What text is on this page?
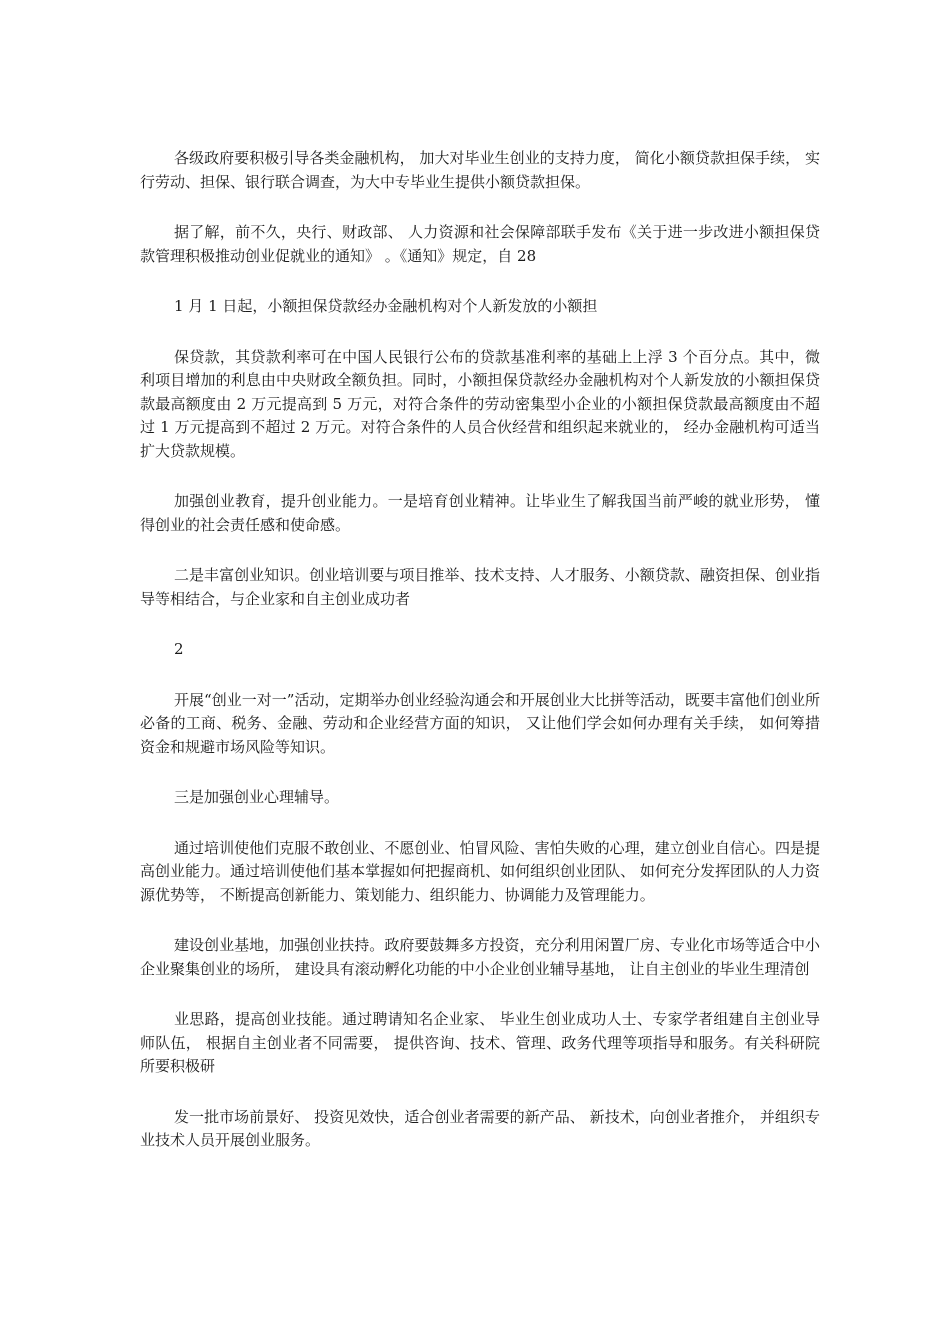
各级政府要积极引导各类金融机构， 加大对毕业生创业的支持力度， 简化小额贷款担保手续， 实行劳动、担保、银行联合调查，为大中专毕业生提供小额贷款担保。

据了解，前不久，央行、财政部、 人力资源和社会保障部联手发布《关于进一步改进小额担保贷款管理积极推动创业促就业的通知》 。《通知》规定，自 28

1 月 1 日起，小额担保贷款经办金融机构对个人新发放的小额担

保贷款，其贷款利率可在中国人民银行公布的贷款基准利率的基础上上浮 3 个百分点。其中，微利项目增加的利息由中央财政全额负担。同时，小额担保贷款经办金融机构对个人新发放的小额担保贷款最高额度由 2 万元提高到 5 万元，对符合条件的劳动密集型小企业的小额担保贷款最高额度由不超过 1 万元提高到不超过 2 万元。对符合条件的人员合伙经营和组织起来就业的， 经办金融机构可适当扩大贷款规模。

加强创业教育，提升创业能力。一是培育创业精神。让毕业生了解我国当前严峻的就业形势， 懂得创业的社会责任感和使命感。

二是丰富创业知识。创业培训要与项目推举、技术支持、人才服务、小额贷款、融资担保、创业指导等相结合，与企业家和自主创业成功者

2

开展“创业一对一”活动，定期举办创业经验沟通会和开展创业大比拼等活动，既要丰富他们创业所必备的工商、税务、金融、劳动和企业经营方面的知识， 又让他们学会如何办理有关手续， 如何筹措资金和规避市场风险等知识。

三是加强创业心理辅导。

通过培训使他们克服不敢创业、不愿创业、怕冒风险、害怕失败的心理，建立创业自信心。四是提高创业能力。通过培训使他们基本掌握如何把握商机、如何组织创业团队、 如何充分发挥团队的人力资源优势等， 不断提高创新能力、策划能力、组织能力、协调能力及管理能力。

建设创业基地，加强创业扶持。政府要鼓舞多方投资，充分利用闲置厂房、专业化市场等适合中小企业聚集创业的场所， 建设具有滚动孵化功能的中小企业创业辅导基地， 让自主创业的毕业生理清创

业思路，提高创业技能。通过聘请知名企业家、 毕业生创业成功人士、专家学者组建自主创业导师队伍， 根据自主创业者不同需要， 提供咨询、技术、管理、政务代理等项指导和服务。有关科研院所要积极研

发一批市场前景好、 投资见效快，适合创业者需要的新产品、 新技术，向创业者推介， 并组织专业技术人员开展创业服务。
